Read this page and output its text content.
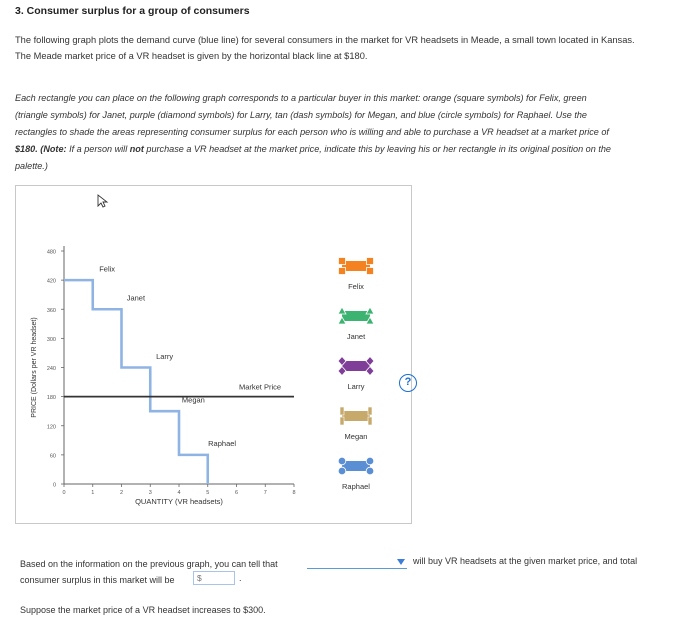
3. Consumer surplus for a group of consumers
The following graph plots the demand curve (blue line) for several consumers in the market for VR headsets in Meade, a small town located in Kansas.
The Meade market price of a VR headset is given by the horizontal black line at $180.
Each rectangle you can place on the following graph corresponds to a particular buyer in this market: orange (square symbols) for Felix, green
(triangle symbols) for Janet, purple (diamond symbols) for Larry, tan (dash symbols) for Megan, and blue (circle symbols) for Raphael. Use the
rectangles to shade the areas representing consumer surplus for each person who is willing and able to purchase a VR headset at a market price of
$180. (Note: If a person will not purchase a VR headset at the market price, indicate this by leaving his or her rectangle in its original position on the
palette.)
0
60
120
180
240
300
360
420
480
0	1	2	3	4	5	6	7	8
QUANTITY (VR headsets)
PRICE (Dollars per VR headset)	Market Price
Felix
Janet
Larry
Megan
Raphael
Felix
Janet
Larry
Megan
Raphael
?
Based on the information on the previous graph, you can tell that
consumer surplus in this market will be
will buy VR headsets at the given market price, and total
$	.
Suppose the market price of a VR headset increases to $300.
